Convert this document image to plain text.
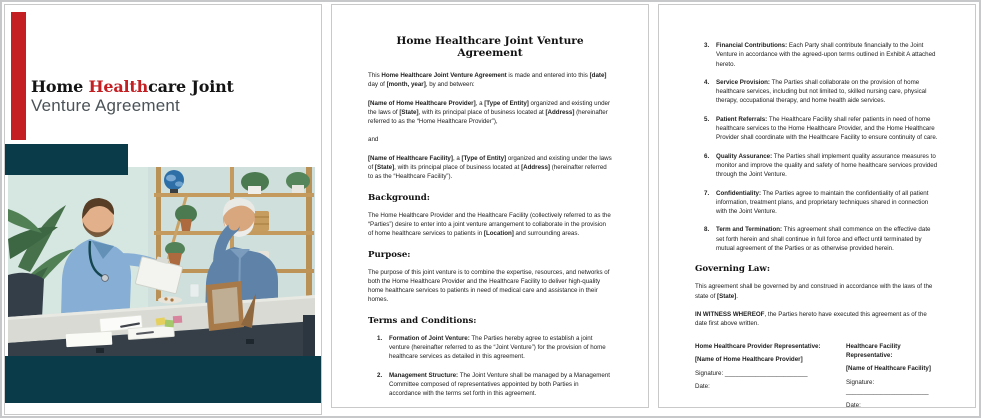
Home Healthcare Joint
Venture Agreement
Home Healthcare Joint Venture Agreement

This Home Healthcare Joint Venture Agreement is made and entered into this [date] day of [month, year], by and between:

[Name of Home Healthcare Provider], a [Type of Entity] organized and existing under the laws of [State], with its principal place of business located at [Address] (hereinafter referred to as the “Home Healthcare Provider”),

and

[Name of Healthcare Facility], a [Type of Entity] organized and existing under the laws of [State], with its principal place of business located at [Address] (hereinafter referred to as the “Healthcare Facility”).

Background:

The Home Healthcare Provider and the Healthcare Facility (collectively referred to as the “Parties”) desire to enter into a joint venture arrangement to collaborate in the provision of home healthcare services to patients in [Location] and surrounding areas.

Purpose:

The purpose of this joint venture is to combine the expertise, resources, and networks of both the Home Healthcare Provider and the Healthcare Facility to deliver high-quality home healthcare services to patients in need of medical care and assistance in their homes.

Terms and Conditions:
1.	Formation of Joint Venture: The Parties hereby agree to establish a joint venture (hereinafter referred to as the “Joint Venture”) for the provision of home healthcare services as detailed in this agreement.

2.	Management Structure: The Joint Venture shall be managed by a Management Committee composed of representatives appointed by both Parties in accordance with the terms set forth in this agreement.

3.	Financial Contributions: Each Party shall contribute financially to the Joint Venture in accordance with the agreed-upon terms outlined in Exhibit A attached hereto.

4.	Service Provision: The Parties shall collaborate on the provision of home healthcare services, including but not limited to, skilled nursing care, physical therapy, occupational therapy, and home health aide services.

5.	Patient Referrals: The Healthcare Facility shall refer patients in need of home healthcare services to the Home Healthcare Provider, and the Home Healthcare Provider shall coordinate with the Healthcare Facility to ensure continuity of care.

6.	Quality Assurance: The Parties shall implement quality assurance measures to monitor and improve the quality and safety of home healthcare services provided through the Joint Venture.

7.	Confidentiality: The Parties agree to maintain the confidentiality of all patient information, treatment plans, and proprietary techniques shared in connection with the Joint Venture.

8.	Term and Termination: This agreement shall commence on the effective date set forth herein and shall continue in full force and effect until terminated by mutual agreement of the Parties or as otherwise provided herein.

Governing Law:

This agreement shall be governed by and construed in accordance with the laws of the state of [State].

IN WITNESS WHEREOF, the Parties hereto have executed this agreement as of the date first above written.

Home Healthcare Provider Representative:

[Name of Home Healthcare Provider]

Signature: ________________________

Date:

Healthcare Facility Representative:

[Name of Healthcare Facility]

Signature: ________________________

Date:
